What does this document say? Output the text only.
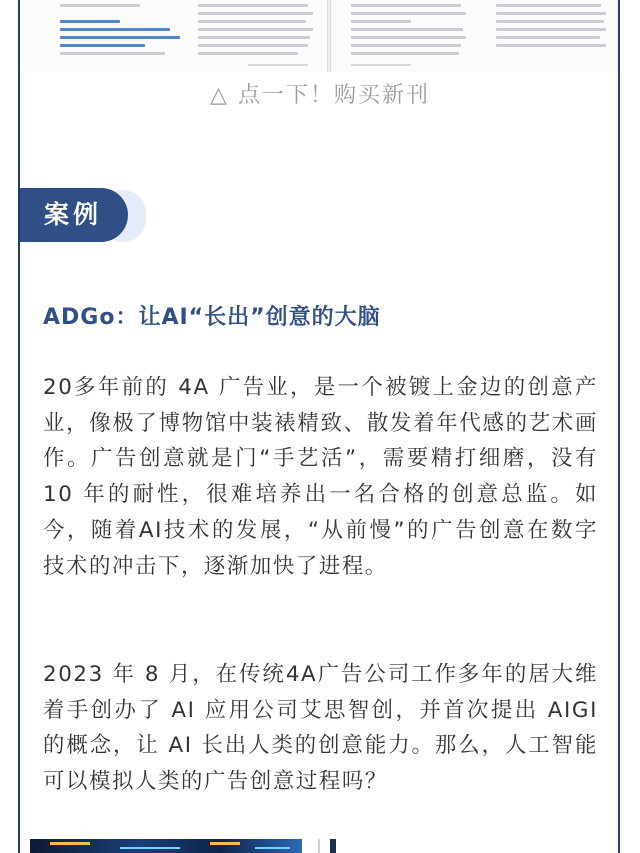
△ 点一下！购买新刊
案例
ADGo：让AI“长出”创意的大脑

20多年前的 4A 广告业，是一个被镀上金边的创意产业，像极了博物馆中装裱精致、散发着年代感的艺术画作。广告创意就是门“手艺活”，需要精打细磨，没有 10 年的耐性，很难培养出一名合格的创意总监。如今，随着AI技术的发展，“从前慢”的广告创意在数字技术的冲击下，逐渐加快了进程。

2023 年 8 月，在传统4A广告公司工作多年的居大维着手创办了 AI 应用公司艾思智创，并首次提出 AIGI 的概念，让 AI 长出人类的创意能力。那么，人工智能可以模拟人类的广告创意过程吗？
